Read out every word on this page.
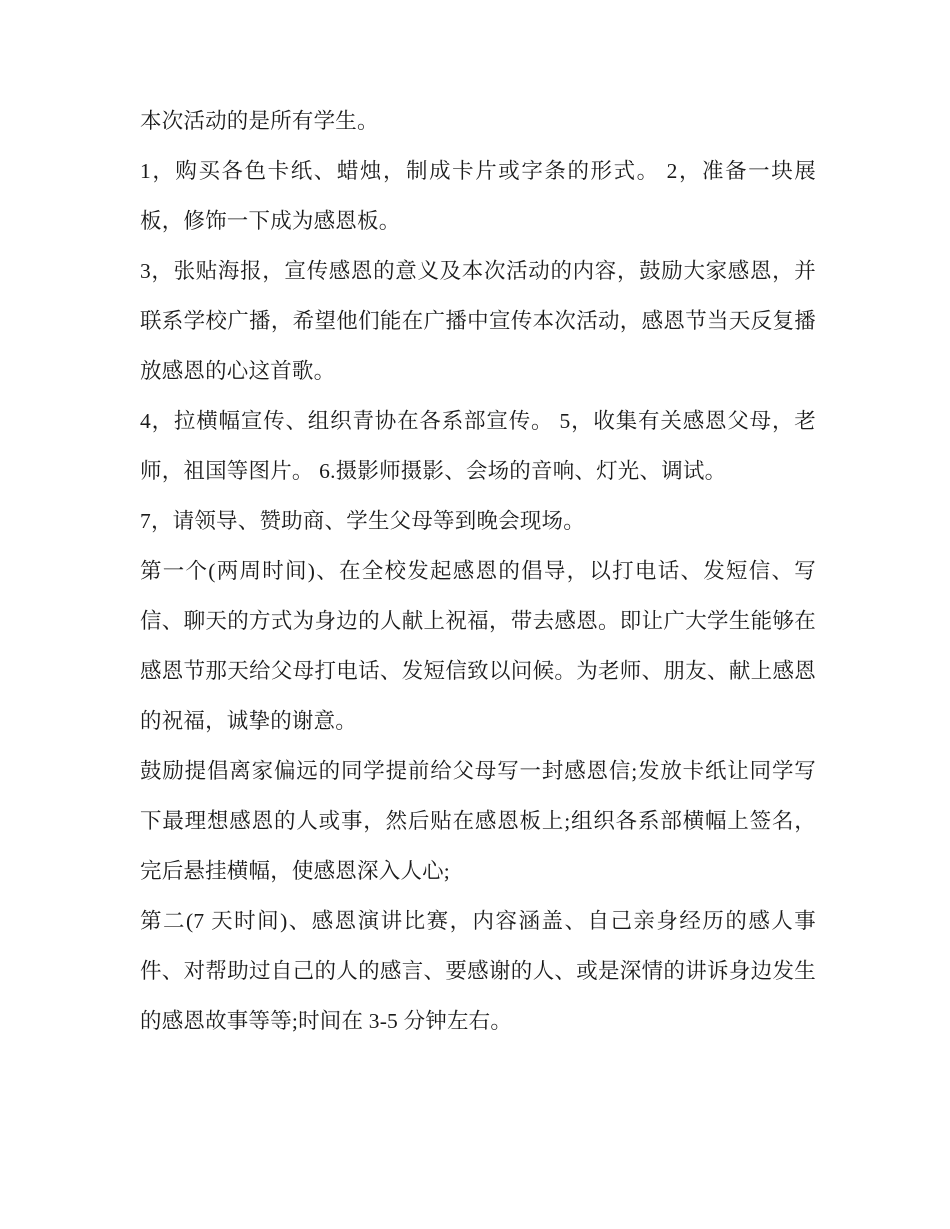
本次活动的是所有学生。

1，购买各色卡纸、蜡烛，制成卡片或字条的形式。 2，准备一块展板，修饰一下成为感恩板。

3，张贴海报，宣传感恩的意义及本次活动的内容，鼓励大家感恩，并联系学校广播，希望他们能在广播中宣传本次活动，感恩节当天反复播放感恩的心这首歌。

4，拉横幅宣传、组织青协在各系部宣传。 5，收集有关感恩父母，老师，祖国等图片。 6.摄影师摄影、会场的音响、灯光、调试。

7，请领导、赞助商、学生父母等到晚会现场。

第一个(两周时间)、在全校发起感恩的倡导，以打电话、发短信、写信、聊天的方式为身边的人献上祝福，带去感恩。即让广大学生能够在感恩节那天给父母打电话、发短信致以问候。为老师、朋友、献上感恩的祝福，诚挚的谢意。

鼓励提倡离家偏远的同学提前给父母写一封感恩信;发放卡纸让同学写下最理想感恩的人或事，然后贴在感恩板上;组织各系部横幅上签名，完后悬挂横幅，使感恩深入人心;

第二(7 天时间)、感恩演讲比赛，内容涵盖、自己亲身经历的感人事件、对帮助过自己的人的感言、要感谢的人、或是深情的讲诉身边发生的感恩故事等等;时间在 3-5 分钟左右。
